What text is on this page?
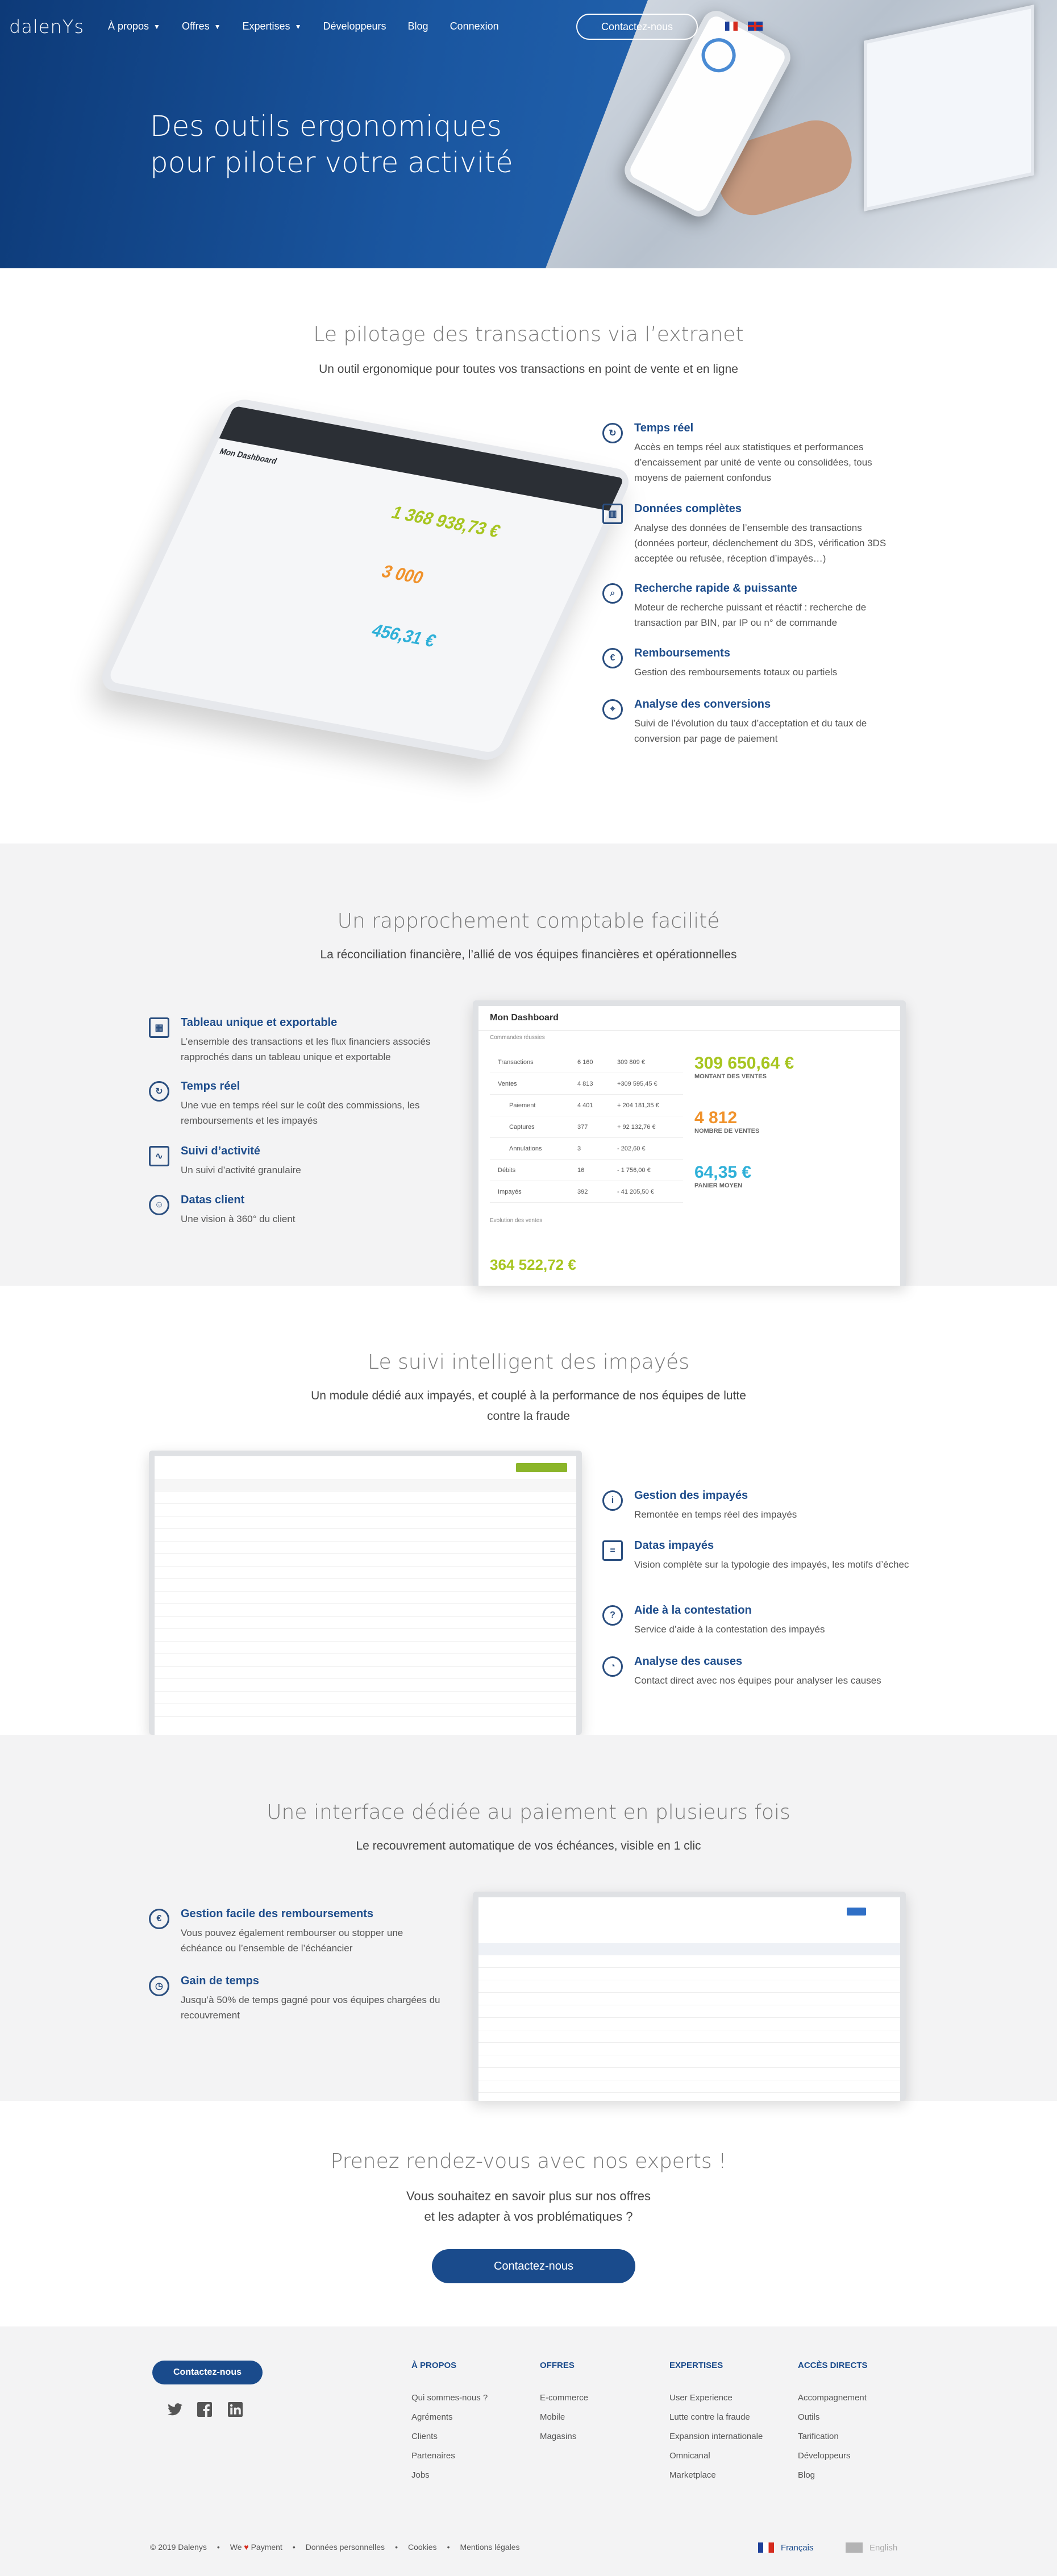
dalenYs À propos ▼ Offres ▼ Expertises ▼ Développeurs Blog Connexion	Contactez-nous
Des outils ergonomiques
pour piloter votre activité
Le pilotage des transactions via l’extranet
Un outil ergonomique pour toutes vos transactions en point de vente et en ligne
Mon Dashboard
1 368 938,73 €
3 000
456,31 €
↻	Temps réel
Accès en temps réel aux statistiques et performances d’encaissement par unité de vente ou consolidées, tous moyens de paiement confondus
▥	Données complètes
Analyse des données de l’ensemble des transactions (données porteur, déclenchement du 3DS, vérification 3DS acceptée ou refusée, réception d’impayés…)
⌕	Recherche rapide & puissante
Moteur de recherche puissant et réactif : recherche de transaction par BIN, par IP ou n° de commande
€	Remboursements
Gestion des remboursements totaux ou partiels
⌖	Analyse des conversions
Suivi de l’évolution du taux d’acceptation et du taux de conversion par page de paiement
Un rapprochement comptable facilité
La réconciliation financière, l’allié de vos équipes financières et opérationnelles
▦	Tableau unique et exportable
L’ensemble des transactions et les flux financiers associés rapprochés dans un tableau unique et exportable
↻	Temps réel
Une vue en temps réel sur le coût des commissions, les remboursements et les impayés
∿	Suivi d’activité
Un suivi d’activité granulaire
☺	Datas client
Une vision à 360° du client
Mon Dashboard
Commandes réussies
Transactions	6 160	309 809 €
Ventes	4 813	+309 595,45 €
Paiement	4 401	+ 204 181,35 €
Captures	377	+ 92 132,76 €
Annulations	3	- 202,60 €
Débits	16	- 1 756,00 €
Impayés	392	- 41 205,50 €
309 650,64 €
MONTANT DES VENTES
4 812
NOMBRE DE VENTES
64,35 €
PANIER MOYEN
Evolution des ventes
364 522,72 €
Le suivi intelligent des impayés
Un module dédié aux impayés, et couplé à la performance de nos équipes de lutte
contre la fraude
i	Gestion des impayés
Remontée en temps réel des impayés
≡	Datas impayés
Vision complète sur la typologie des impayés, les motifs d’échec
?	Aide à la contestation
Service d’aide à la contestation des impayés
◔	Analyse des causes
Contact direct avec nos équipes pour analyser les causes
Une interface dédiée au paiement en plusieurs fois
Le recouvrement automatique de vos échéances, visible en 1 clic
€	Gestion facile des remboursements
Vous pouvez également rembourser ou stopper une échéance ou l’ensemble de l’échéancier
◷	Gain de temps
Jusqu’à 50% de temps gagné pour vos équipes chargées du recouvrement
Prenez rendez-vous avec nos experts !
Vous souhaitez en savoir plus sur nos offres
et les adapter à vos problématiques ?
Contactez-nous
Contactez-nous
À PROPOS
Qui sommes-nous ?
Agréments
Clients
Partenaires
Jobs
OFFRES
E-commerce
Mobile
Magasins
EXPERTISES
User Experience
Lutte contre la fraude
Expansion internationale
Omnicanal
Marketplace
ACCÈS DIRECTS
Accompagnement
Outils
Tarification
Développeurs
Blog
© 2019 Dalenys • We ♥ Payment • Données personnelles • Cookies • Mentions légales	Français	English
